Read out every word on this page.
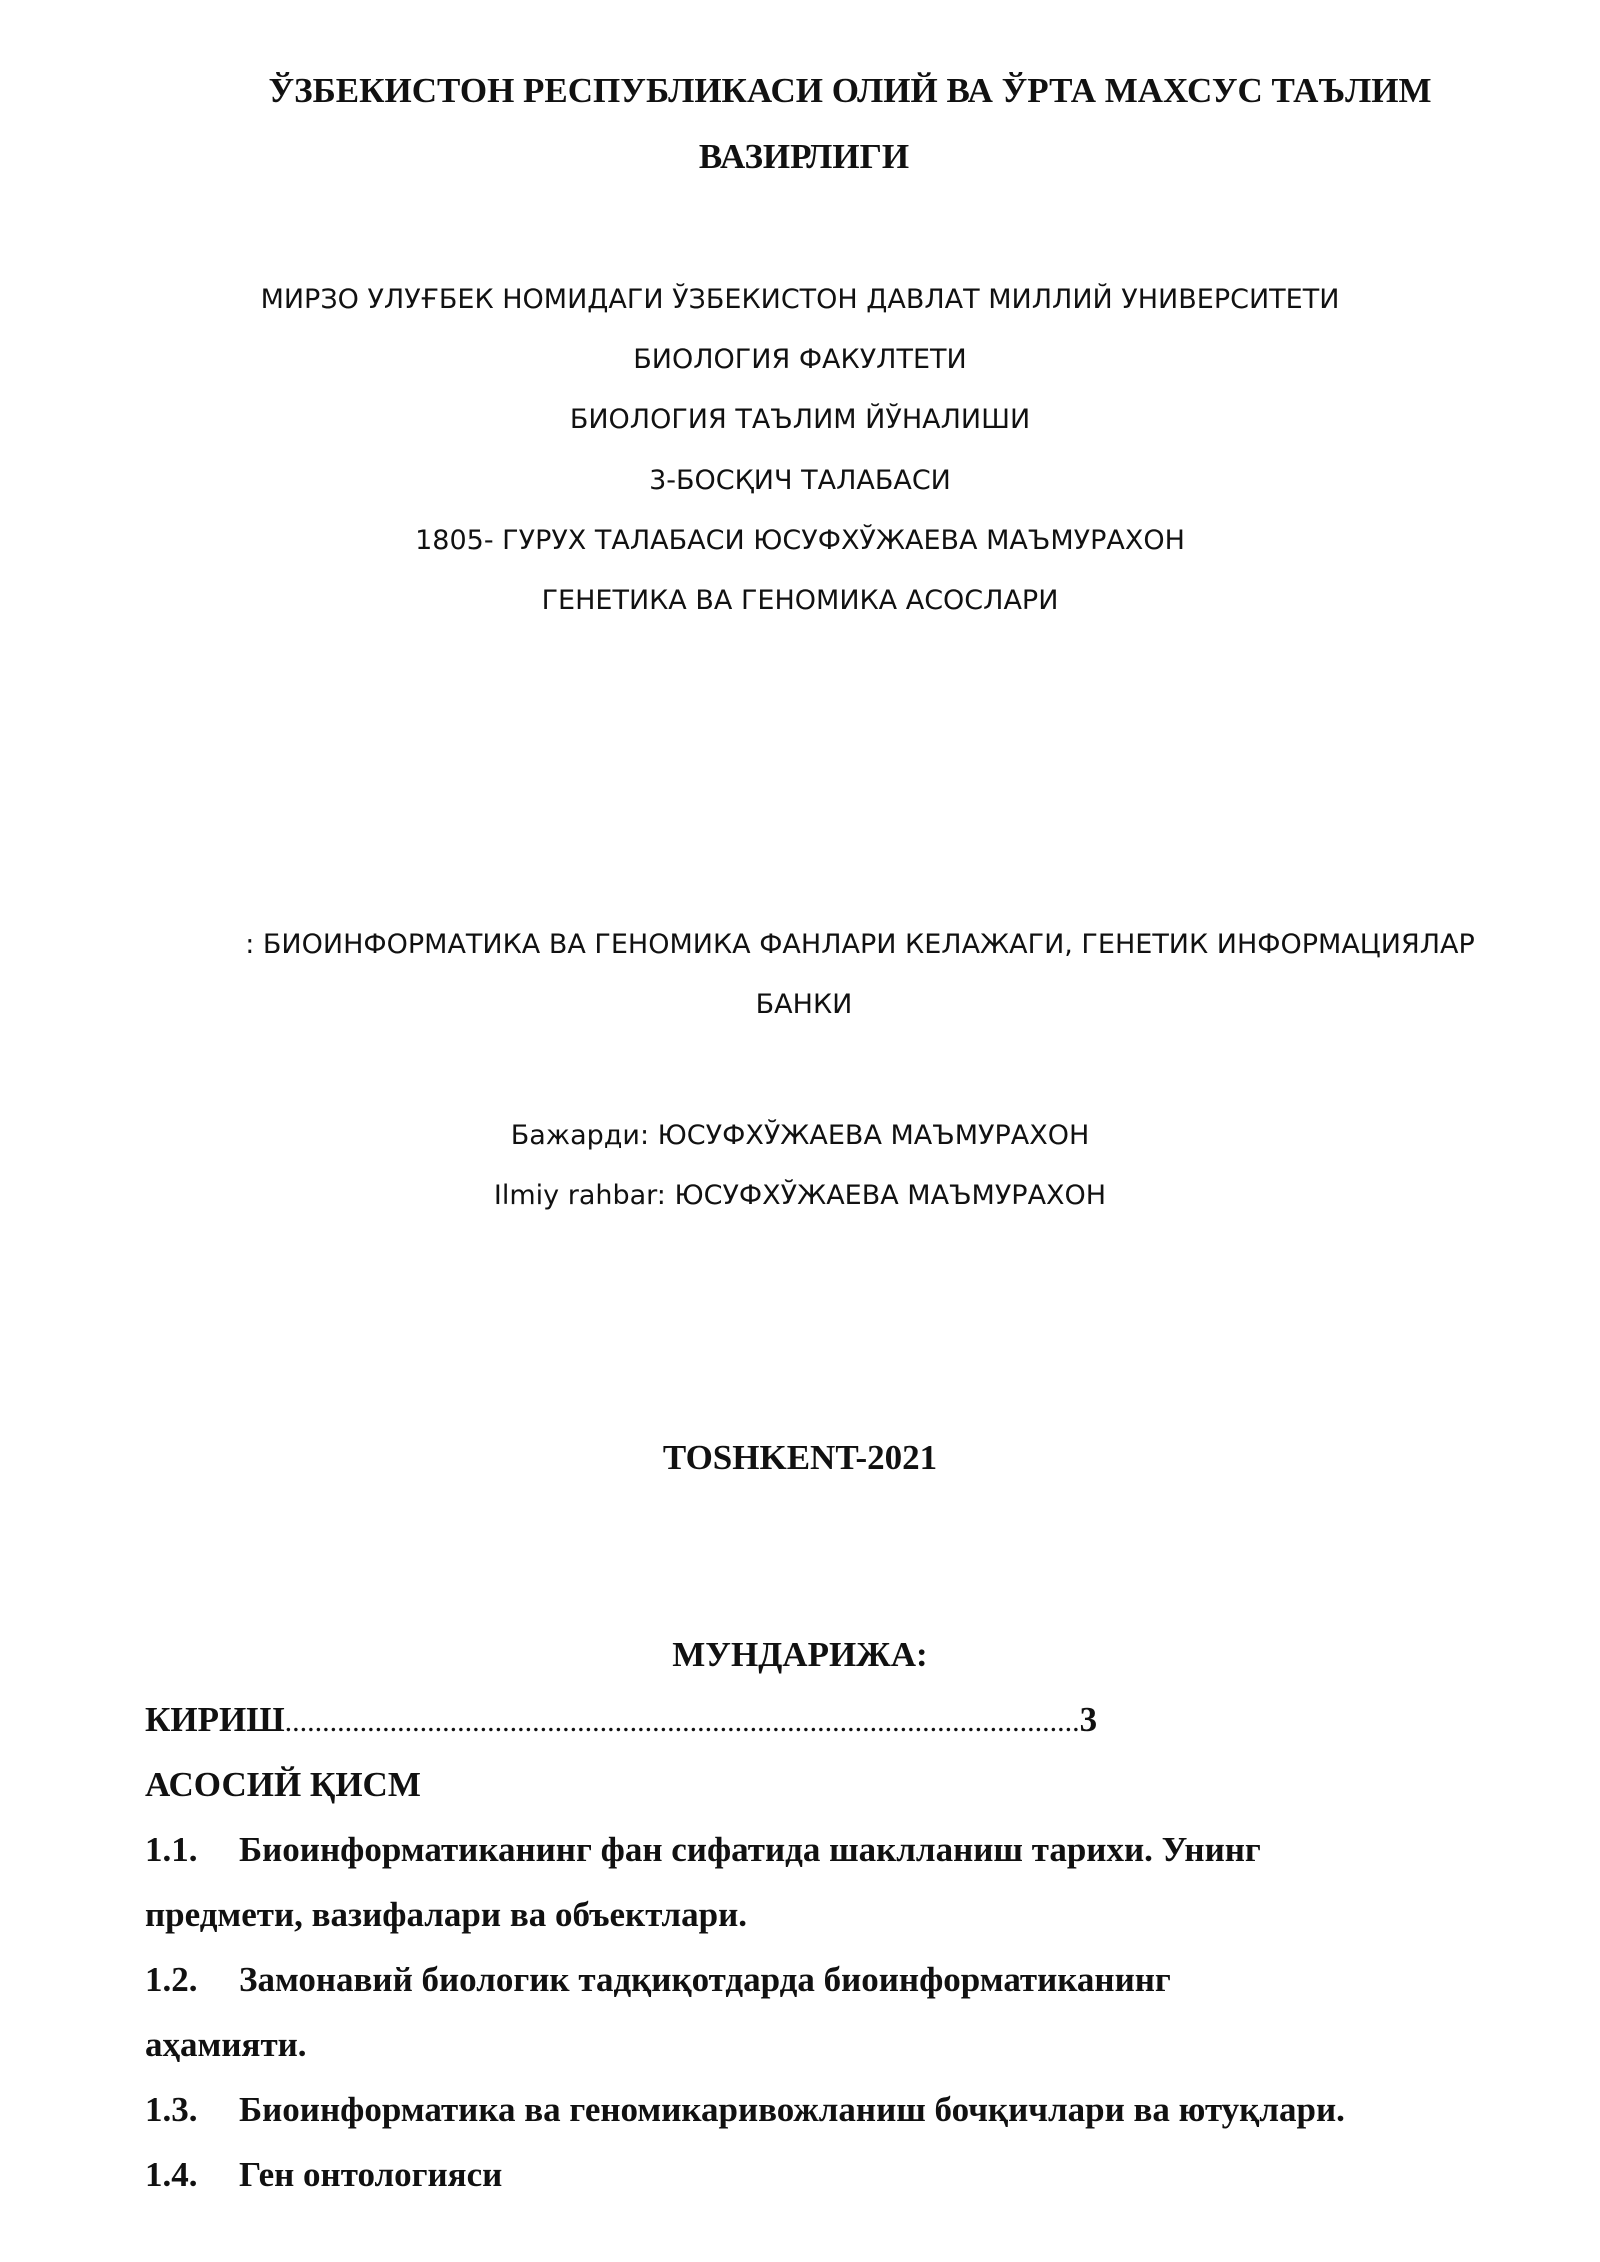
ЎЗБЕКИСТОН РЕСПУБЛИКАСИ ОЛИЙ ВА ЎРТА МАХСУС ТАЪЛИМ
ВАЗИРЛИГИ
МИРЗО УЛУҒБЕК НОМИДАГИ ЎЗБЕКИСТОН ДАВЛАТ МИЛЛИЙ УНИВЕРСИТЕТИ
БИОЛОГИЯ ФАКУЛТЕТИ
БИОЛОГИЯ ТАЪЛИМ ЙЎНАЛИШИ
3-БОСҚИЧ ТАЛАБАСИ
1805- ГУРУХ ТАЛАБАСИ ЮСУФХЎЖАЕВА МАЪМУРАХОН
ГЕНЕТИКА ВА ГЕНОМИКА АСОСЛАРИ
: БИОИНФОРМАТИКА ВА ГЕНОМИКА ФАНЛАРИ КЕЛАЖАГИ, ГЕНЕТИК ИНФОРМАЦИЯЛАР
БАНКИ
Бажарди: ЮСУФХЎЖАЕВА МАЪМУРАХОН
Ilmiy rahbar: ЮСУФХЎЖАЕВА МАЪМУРАХОН
TOSHKENT-2021
МУНДАРИЖА:
КИРИШ..........................................................................................................3
АСОСИЙ ҚИСМ
1.1. Биоинформатиканинг фан сифатида шаклланиш тарихи. Унинг
предмети, вазифалари ва объектлари.
1.2. Замонавий биологик тадқиқотдарда биоинформатиканинг
аҳамияти.
1.3. Биоинформатика ва геномикаривожланиш бочқичлари ва ютуқлари.
1.4. Ген онтологияси
